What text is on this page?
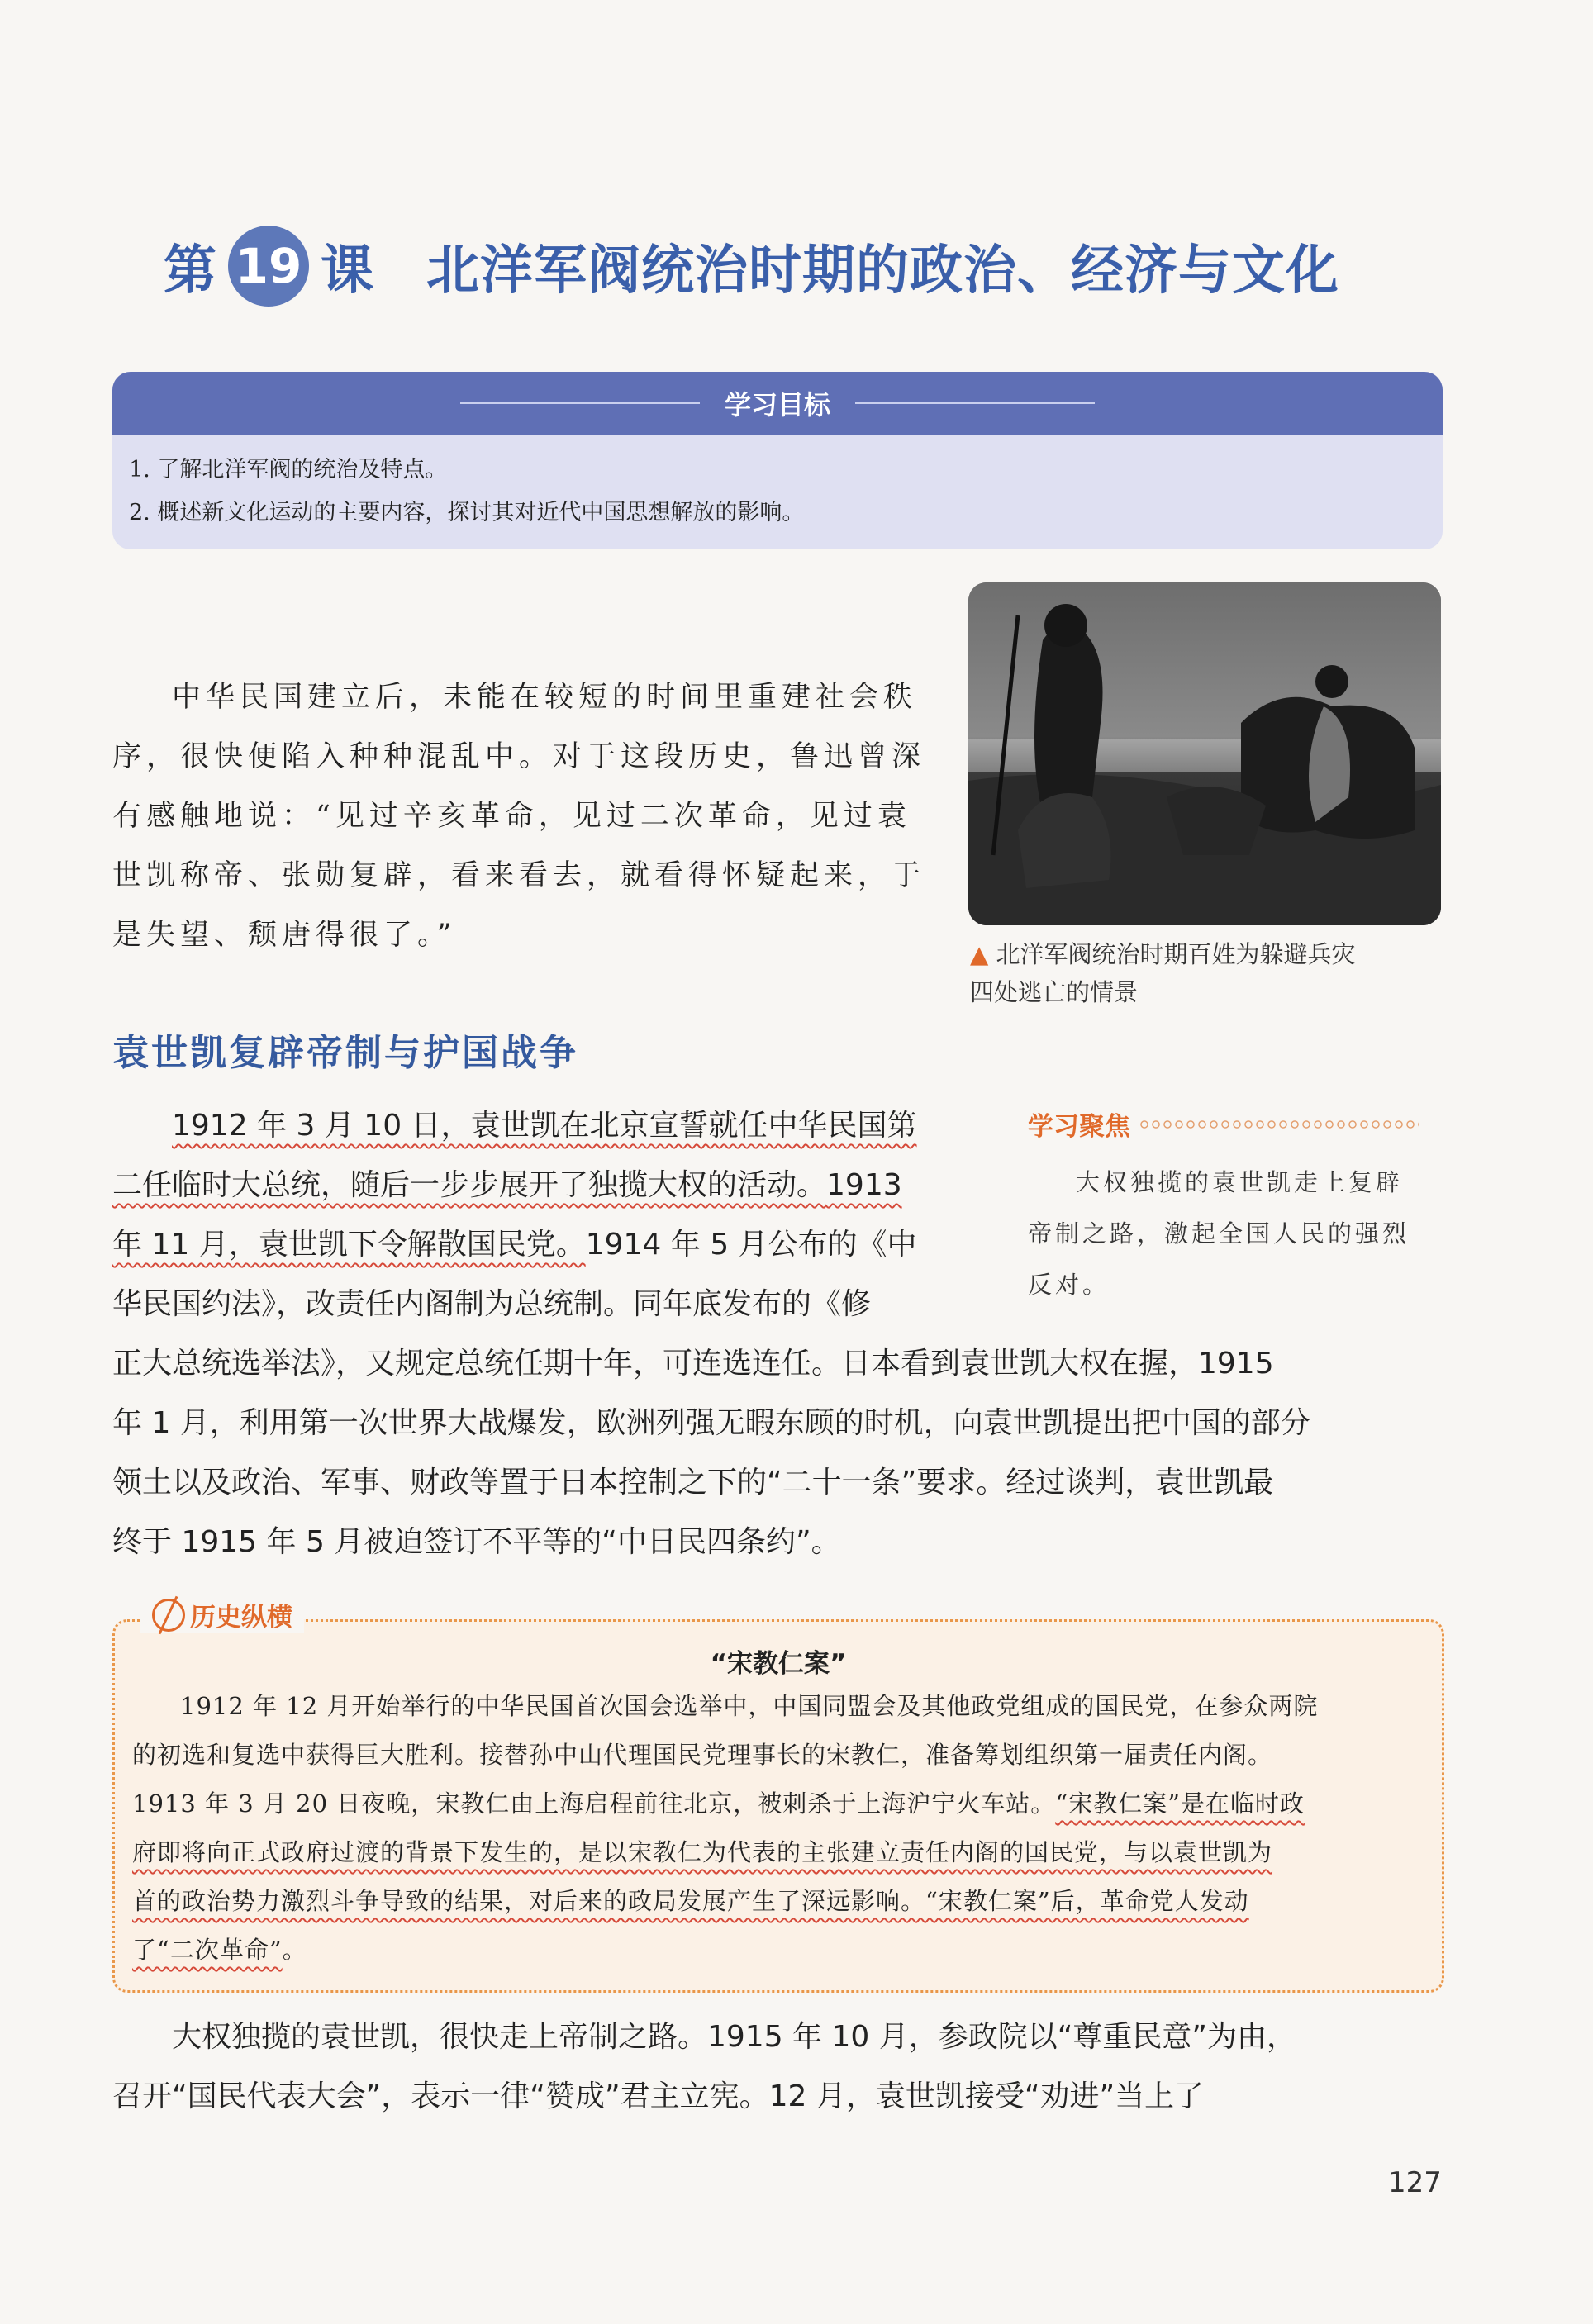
第 19 课 北洋军阀统治时期的政治、经济与文化
学习目标
1. 了解北洋军阀的统治及特点。
2. 概述新文化运动的主要内容，探讨其对近代中国思想解放的影响。
中华民国建立后，未能在较短的时间里重建社会秩
序，很快便陷入种种混乱中。对于这段历史，鲁迅曾深
有感触地说：“见过辛亥革命，见过二次革命，见过袁
世凯称帝、张勋复辟，看来看去，就看得怀疑起来，于
是失望、颓唐得很了。”
▲ 北洋军阀统治时期百姓为躲避兵灾
四处逃亡的情景
袁世凯复辟帝制与护国战争
1912 年 3 月 10 日，袁世凯在北京宣誓就任中华民国第
二任临时大总统，随后一步步展开了独揽大权的活动。1913
年 11 月，袁世凯下令解散国民党。1914 年 5 月公布的《中
华民国约法》，改责任内阁制为总统制。同年底发布的《修
正大总统选举法》，又规定总统任期十年，可连选连任。日本看到袁世凯大权在握，1915
年 1 月，利用第一次世界大战爆发，欧洲列强无暇东顾的时机，向袁世凯提出把中国的部分
领土以及政治、军事、财政等置于日本控制之下的“二十一条”要求。经过谈判，袁世凯最
终于 1915 年 5 月被迫签订不平等的“中日民四条约”。
学习聚焦
大权独揽的袁世凯走上复辟
帝制之路，激起全国人民的强烈
反对。
历史纵横
“宋教仁案”
1912 年 12 月开始举行的中华民国首次国会选举中，中国同盟会及其他政党组成的国民党，在参众两院
的初选和复选中获得巨大胜利。接替孙中山代理国民党理事长的宋教仁，准备筹划组织第一届责任内阁。
1913 年 3 月 20 日夜晚，宋教仁由上海启程前往北京，被刺杀于上海沪宁火车站。“宋教仁案”是在临时政
府即将向正式政府过渡的背景下发生的，是以宋教仁为代表的主张建立责任内阁的国民党，与以袁世凯为
首的政治势力激烈斗争导致的结果，对后来的政局发展产生了深远影响。“宋教仁案”后，革命党人发动
了“二次革命”。
大权独揽的袁世凯，很快走上帝制之路。1915 年 10 月，参政院以“尊重民意”为由，
召开“国民代表大会”，表示一律“赞成”君主立宪。12 月，袁世凯接受“劝进”当上了
127
